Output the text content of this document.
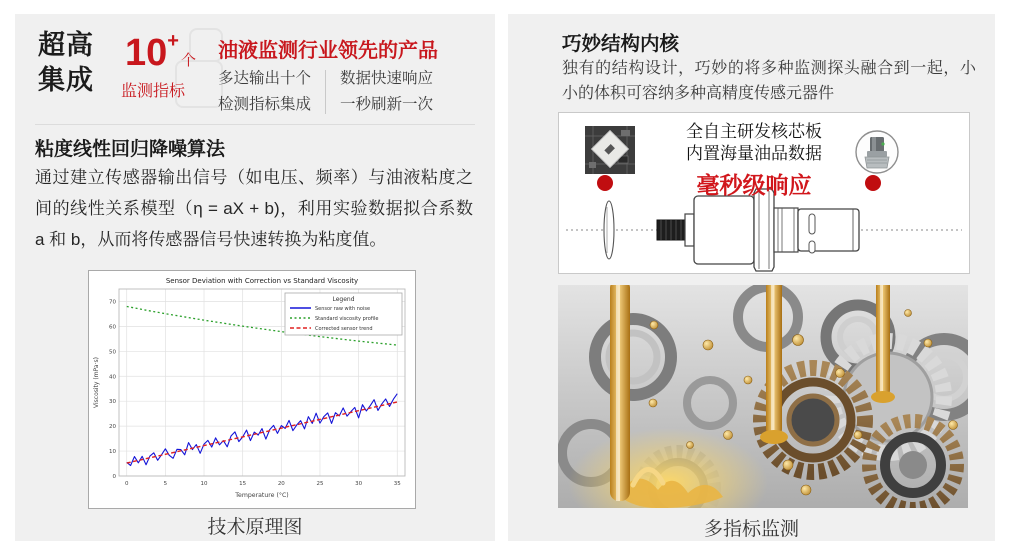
超高
集成
10+个
监测指标
油液监测行业领先的产品
多达输出十个
检测指标集成
数据快速响应
一秒刷新一次
粘度线性回归降噪算法
通过建立传感器输出信号（如电压、频率）与油液粘度之间的线性关系模型（η = aX + b)，利用实验数据拟合系数 a 和 b，从而将传感器信号快速转换为粘度值。
0
10
20
30
40
50
60
70
0	5	10	15	20	25	30	35
Sensor Deviation with Correction vs Standard Viscosity
Temperature (°C)
Viscosity (mPa·s)
Legend
Sensor raw with noise
Standard viscosity profile
Corrected sensor trend
技术原理图
巧妙结构内核
独有的结构设计，巧妙的将多种监测探头融合到一起，小小的体积可容纳多种高精度传感元器件
全自主研发核芯板
内置海量油品数据
毫秒级响应
多指标监测
